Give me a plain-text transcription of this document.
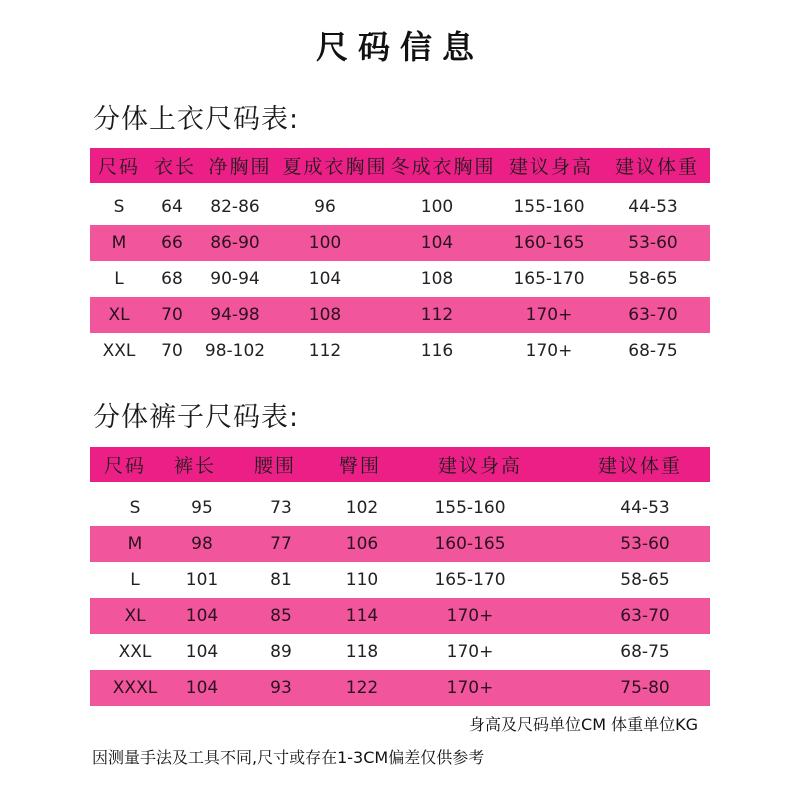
尺码信息
分体上衣尺码表:
尺码 衣长 净胸围 夏成衣胸围 冬成衣胸围 建议身高	建议体重
S	64	82-86	96	100	155-160	44-53
M	66	86-90	100	104	160-165	53-60
L	68	90-94	104	108	165-170	58-65
XL	70	94-98	108	112	170+	63-70
XXL	70	98-102	112	116	170+	68-75
分体裤子尺码表:
尺码	裤长	腰围	臀围	建议身高	建议体重
S	95	73	102	155-160	44-53
M	98	77	106	160-165	53-60
L	101	81	110	165-170	58-65
XL	104	85	114	170+	63-70
XXL	104	89	118	170+	68-75
XXXL	104	93	122	170+	75-80
身高及尺码单位CM 体重单位KG
因测量手法及工具不同,尺寸或存在1-3CM偏差仅供参考
